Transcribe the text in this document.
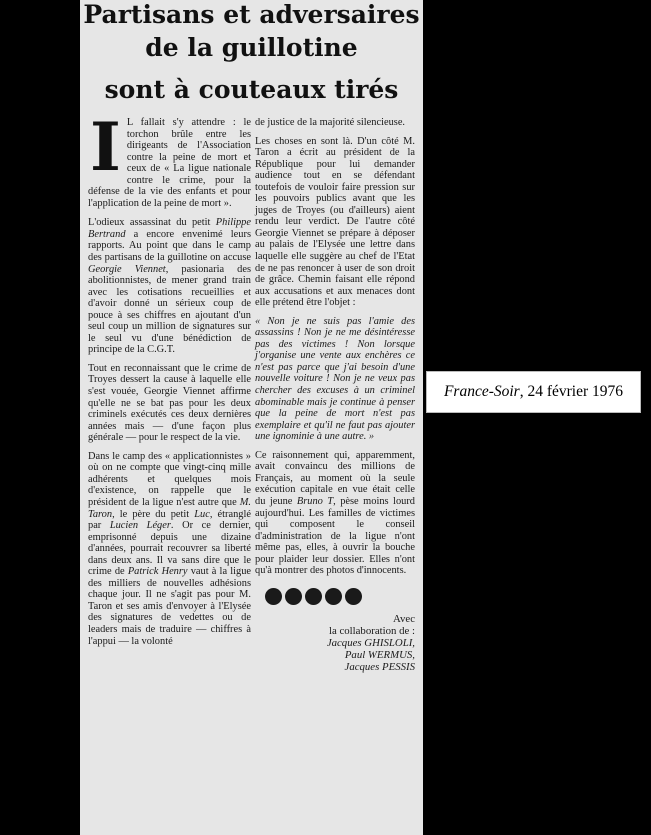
Partisans et adversaires
de la guillotine
sont à couteaux tirés

I L fallait s'y attendre : le torchon brûle entre les dirigeants de l'Association contre la peine de mort et ceux de « La ligue nationale contre le crime, pour la défense de la vie des enfants et pour l'application de la peine de mort ».

L'odieux assassinat du petit Philippe Bertrand a encore envenimé leurs rapports. Au point que dans le camp des partisans de la guillotine on accuse Georgie Viennet, pasionaria des abolitionnistes, de mener grand train avec les cotisations recueillies et d'avoir donné un sérieux coup de pouce à ses chiffres en ajoutant d'un seul coup un million de signatures sur le seul vu d'une bénédiction de principe de la C.G.T.

Tout en reconnaissant que le crime de Troyes dessert la cause à laquelle elle s'est vouée, Georgie Viennet affirme qu'elle ne se bat pas pour les deux criminels exécutés ces deux dernières années mais — d'une façon plus générale — pour le respect de la vie.

Dans le camp des « applicationnistes » où on ne compte que vingt-cinq mille adhérents et quelques mois d'existence, on rappelle que le président de la ligue n'est autre que M. Taron, le père du petit Luc, étranglé par Lucien Léger. Or ce dernier, emprisonné depuis une dizaine d'années, pourrait recouvrer sa liberté dans deux ans. Il va sans dire que le crime de Patrick Henry vaut à la ligue des milliers de nouvelles adhésions chaque jour. Il ne s'agit pas pour M. Taron et ses amis d'envoyer à l'Elysée des signatures de vedettes ou de leaders mais de traduire — chiffres à l'appui — la volonté

de justice de la majorité silencieuse.

Les choses en sont là. D'un côté M. Taron a écrit au président de la République pour lui demander audience tout en se défendant toutefois de vouloir faire pression sur les pouvoirs publics avant que les juges de Troyes (ou d'ailleurs) aient rendu leur verdict. De l'autre côté Georgie Viennet se prépare à déposer au palais de l'Elysée une lettre dans laquelle elle suggère au chef de l'Etat de ne pas renoncer à user de son droit de grâce. Chemin faisant elle répond aux accusations et aux menaces dont elle prétend être l'objet :

« Non je ne suis pas l'amie des assassins ! Non je ne me désintéresse pas des victimes ! Non lorsque j'organise une vente aux enchères ce n'est pas parce que j'ai besoin d'une nouvelle voiture ! Non je ne veux pas chercher des excuses à un criminel abominable mais je continue à penser que la peine de mort n'est pas exemplaire et qu'il ne faut pas ajouter une ignominie à une autre. »

Ce raisonnement qui, apparemment, avait convaincu des millions de Français, au moment où la seule exécution capitale en vue était celle du jeune Bruno T, pèse moins lourd aujourd'hui. Les familles de victimes qui composent le conseil d'administration de la ligue n'ont même pas, elles, à ouvrir la bouche pour plaider leur dossier. Elles n'ont qu'à montrer des photos d'innocents.

Avec
la collaboration de :
Jacques GHISLOLI,
Paul WERMUS,
Jacques PESSIS
France-Soir, 24 février 1976
